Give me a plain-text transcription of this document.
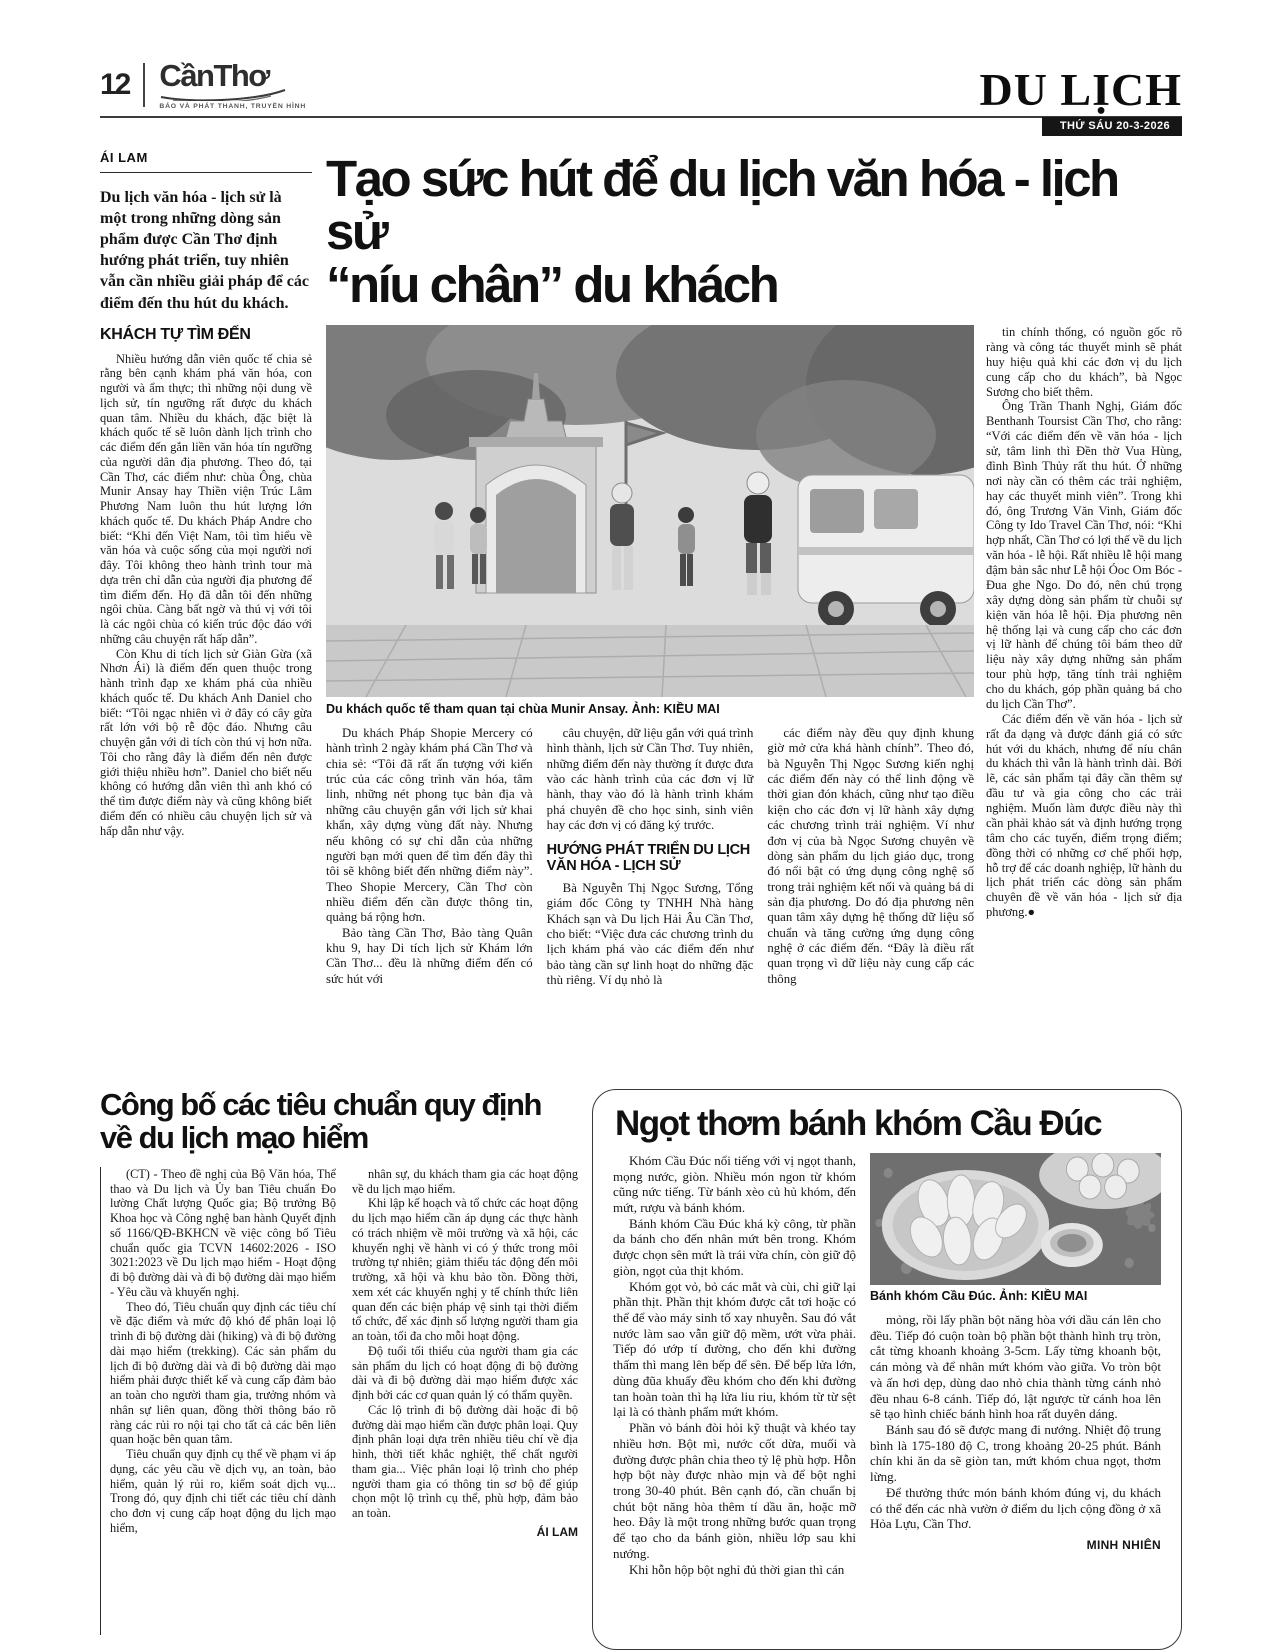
12 CầnThơ
BÁO VÀ PHÁT THANH, TRUYỀN HÌNH	DU LỊCH
THỨ SÁU 20-3-2026
ÁI LAM

Du lịch văn hóa - lịch sử là một trong những dòng sản phẩm được Cần Thơ định hướng phát triển, tuy nhiên vẫn cần nhiều giải pháp để các điểm đến thu hút du khách.

KHÁCH TỰ TÌM ĐẾN

Nhiều hướng dẫn viên quốc tế chia sẻ rằng bên cạnh khám phá văn hóa, con người và ẩm thực; thì những nội dung về lịch sử, tín ngưỡng rất được du khách quan tâm. Nhiều du khách, đặc biệt là khách quốc tế sẽ luôn dành lịch trình cho các điểm đến gắn liền văn hóa tín ngưỡng của người dân địa phương. Theo đó, tại Cần Thơ, các điểm như: chùa Ông, chùa Munir Ansay hay Thiền viện Trúc Lâm Phương Nam luôn thu hút lượng lớn khách quốc tế. Du khách Pháp Andre cho biết: “Khi đến Việt Nam, tôi tìm hiểu về văn hóa và cuộc sống của mọi người nơi đây. Tôi không theo hành trình tour mà dựa trên chỉ dẫn của người địa phương để tìm điểm đến. Họ đã dẫn tôi đến những ngôi chùa. Càng bất ngờ và thú vị với tôi là các ngôi chùa có kiến trúc độc đáo với những câu chuyện rất hấp dẫn”.

Còn Khu di tích lịch sử Giàn Gừa (xã Nhơn Ái) là điểm đến quen thuộc trong hành trình đạp xe khám phá của nhiều khách quốc tế. Du khách Anh Daniel cho biết: “Tôi ngạc nhiên vì ở đây có cây gừa rất lớn với bộ rễ độc đáo. Nhưng câu chuyện gắn với di tích còn thú vị hơn nữa. Tôi cho rằng đây là điểm đến nên được giới thiệu nhiều hơn”. Daniel cho biết nếu không có hướng dẫn viên thì anh khó có thể tìm được điểm này và cũng không biết điểm đến có nhiều câu chuyện lịch sử và hấp dẫn như vậy.

Tạo sức hút để du lịch văn hóa - lịch sử
“níu chân” du khách
Du khách quốc tế tham quan tại chùa Munir Ansay. Ảnh: KIỀU MAI

Du khách Pháp Shopie Mercery có hành trình 2 ngày khám phá Cần Thơ và chia sẻ: “Tôi đã rất ấn tượng với kiến trúc của các công trình văn hóa, tâm linh, những nét phong tục bản địa và những câu chuyện gắn với lịch sử khai khẩn, xây dựng vùng đất này. Nhưng nếu không có sự chỉ dẫn của những người bạn mới quen để tìm đến đây thì tôi sẽ không biết đến những điểm này”. Theo Shopie Mercery, Cần Thơ còn nhiều điểm đến cần được thông tin, quảng bá rộng hơn.

Bảo tàng Cần Thơ, Bảo tàng Quân khu 9, hay Di tích lịch sử Khám lớn Cần Thơ... đều là những điểm đến có sức hút với

câu chuyện, dữ liệu gắn với quá trình hình thành, lịch sử Cần Thơ. Tuy nhiên, những điểm đến này thường ít được đưa vào các hành trình của các đơn vị lữ hành, thay vào đó là hành trình khám phá chuyên đề cho học sinh, sinh viên hay các đơn vị có đăng ký trước.

HƯỚNG PHÁT TRIỂN DU LỊCH VĂN HÓA - LỊCH SỬ

Bà Nguyễn Thị Ngọc Sương, Tổng giám đốc Công ty TNHH Nhà hàng Khách sạn và Du lịch Hải Âu Cần Thơ, cho biết: “Việc đưa các chương trình du lịch khám phá vào các điểm đến như bảo tàng cần sự linh hoạt do những đặc thù riêng. Ví dụ nhỏ là

các điểm này đều quy định khung giờ mở cửa khá hành chính”. Theo đó, bà Nguyễn Thị Ngọc Sương kiến nghị các điểm đến này có thể linh động về thời gian đón khách, cũng như tạo điều kiện cho các đơn vị lữ hành xây dựng các chương trình trải nghiệm. Ví như đơn vị của bà Ngọc Sương chuyên về dòng sản phẩm du lịch giáo dục, trong đó nổi bật có ứng dụng công nghệ số trong trải nghiệm kết nối và quảng bá di sản địa phương. Do đó địa phương nên quan tâm xây dựng hệ thống dữ liệu số chuẩn và tăng cường ứng dụng công nghệ ở các điểm đến. “Đây là điều rất quan trọng vì dữ liệu này cung cấp các thông

tin chính thống, có nguồn gốc rõ ràng và công tác thuyết minh sẽ phát huy hiệu quả khi các đơn vị du lịch cung cấp cho du khách”, bà Ngọc Sương cho biết thêm.

Ông Trần Thanh Nghị, Giám đốc Benthanh Toursist Cần Thơ, cho rằng: “Với các điểm đến về văn hóa - lịch sử, tâm linh thì Đền thờ Vua Hùng, đình Bình Thủy rất thu hút. Ở những nơi này cần có thêm các trải nghiệm, hay các thuyết minh viên”. Trong khi đó, ông Trương Văn Vinh, Giám đốc Công ty Ido Travel Cần Thơ, nói: “Khi hợp nhất, Cần Thơ có lợi thế về du lịch văn hóa - lễ hội. Rất nhiều lễ hội mang đậm bản sắc như Lễ hội Óoc Om Bóc - Đua ghe Ngo. Do đó, nên chú trọng xây dựng dòng sản phẩm từ chuỗi sự kiện văn hóa lễ hội. Địa phương nên hệ thống lại và cung cấp cho các đơn vị lữ hành để chúng tôi bám theo dữ liệu này xây dựng những sản phẩm tour phù hợp, tăng tính trải nghiệm cho du khách, góp phần quảng bá cho du lịch Cần Thơ”.

Các điểm đến về văn hóa - lịch sử rất đa dạng và được đánh giá có sức hút với du khách, nhưng để níu chân du khách thì vẫn là hành trình dài. Bởi lẽ, các sản phẩm tại đây cần thêm sự đầu tư và gia công cho các trải nghiệm. Muốn làm được điều này thì cần phải khảo sát và định hướng trọng tâm cho các tuyến, điểm trọng điểm; đồng thời có những cơ chế phối hợp, hỗ trợ để các doanh nghiệp, lữ hành du lịch phát triển các dòng sản phẩm chuyên đề về văn hóa - lịch sử địa phương.●

Công bố các tiêu chuẩn quy định
về du lịch mạo hiểm

(CT) - Theo đề nghị của Bộ Văn hóa, Thể thao và Du lịch và Ủy ban Tiêu chuẩn Đo lường Chất lượng Quốc gia; Bộ trưởng Bộ Khoa học và Công nghệ ban hành Quyết định số 1166/QĐ-BKHCN về việc công bố Tiêu chuẩn quốc gia TCVN 14602:2026 - ISO 3021:2023 về Du lịch mạo hiểm - Hoạt động đi bộ đường dài và đi bộ đường dài mạo hiểm - Yêu cầu và khuyến nghị.

Theo đó, Tiêu chuẩn quy định các tiêu chí về đặc điểm và mức độ khó để phân loại lộ trình đi bộ đường dài (hiking) và đi bộ đường dài mạo hiểm (trekking). Các sản phẩm du lịch đi bộ đường dài và đi bộ đường dài mạo hiểm phải được thiết kế và cung cấp đảm bảo an toàn cho người tham gia, trưởng nhóm và nhân sự liên quan, đồng thời thông báo rõ ràng các rủi ro nội tại cho tất cả các bên liên quan hoặc bên quan tâm.

Tiêu chuẩn quy định cụ thể về phạm vi áp dụng, các yêu cầu về dịch vụ, an toàn, bảo hiểm, quản lý rủi ro, kiểm soát dịch vụ... Trong đó, quy định chi tiết các tiêu chí dành cho đơn vị cung cấp hoạt động du lịch mạo hiểm,

nhân sự, du khách tham gia các hoạt động về du lịch mạo hiểm.

Khi lập kế hoạch và tổ chức các hoạt động du lịch mạo hiểm cần áp dụng các thực hành có trách nhiệm về môi trường và xã hội, các khuyến nghị về hành vi có ý thức trong môi trường tự nhiên; giảm thiểu tác động đến môi trường, xã hội và khu bảo tồn. Đồng thời, xem xét các khuyến nghị y tế chính thức liên quan đến các biện pháp vệ sinh tại thời điểm tổ chức, để xác định số lượng người tham gia an toàn, tối đa cho mỗi hoạt động.

Độ tuổi tối thiểu của người tham gia các sản phẩm du lịch có hoạt động đi bộ đường dài và đi bộ đường dài mạo hiểm được xác định bởi các cơ quan quản lý có thẩm quyền.

Các lộ trình đi bộ đường dài hoặc đi bộ đường dài mạo hiểm cần được phân loại. Quy định phân loại dựa trên nhiều tiêu chí về địa hình, thời tiết khắc nghiệt, thể chất người tham gia... Việc phân loại lộ trình cho phép người tham gia có thông tin sơ bộ để giúp chọn một lộ trình cụ thể, phù hợp, đảm bảo an toàn.

ÁI LAM
Ngọt thơm bánh khóm Cầu Đúc

Khóm Cầu Đúc nổi tiếng với vị ngọt thanh, mọng nước, giòn. Nhiều món ngon từ khóm cũng nức tiếng. Từ bánh xèo củ hủ khóm, đến mứt, rượu và bánh khóm.

Bánh khóm Cầu Đúc khá kỳ công, từ phần da bánh cho đến nhân mứt bên trong. Khóm được chọn sên mứt là trái vừa chín, còn giữ độ giòn, ngọt của thịt khóm.

Khóm gọt vỏ, bỏ các mắt và cùi, chỉ giữ lại phần thịt. Phần thịt khóm được cắt tơi hoặc có thể để vào máy sinh tố xay nhuyễn. Sau đó vắt nước làm sao vẫn giữ độ mềm, ướt vừa phải. Tiếp đó ướp tí đường, cho đến khi đường thấm thì mang lên bếp để sên. Để bếp lửa lớn, dùng đũa khuấy đều khóm cho đến khi đường tan hoàn toàn thì hạ lửa liu riu, khóm từ từ sệt lại là có thành phẩm mứt khóm.

Phần vỏ bánh đòi hỏi kỹ thuật và khéo tay nhiều hơn. Bột mì, nước cốt dừa, muối và đường được phân chia theo tỷ lệ phù hợp. Hỗn hợp bột này được nhào mịn và để bột nghỉ trong 30-40 phút. Bên cạnh đó, cần chuẩn bị chút bột năng hòa thêm tí dầu ăn, hoặc mỡ heo. Đây là một trong những bước quan trọng để tạo cho da bánh giòn, nhiều lớp sau khi nướng.

Khi hỗn hộp bột nghỉ đủ thời gian thì cán

Bánh khóm Cầu Đúc. Ảnh: KIỀU MAI

mỏng, rồi lấy phần bột năng hòa với dầu cán lên cho đều. Tiếp đó cuộn toàn bộ phần bột thành hình trụ tròn, cắt từng khoanh khoảng 3-5cm. Lấy từng khoanh bột, cán mỏng và để nhân mứt khóm vào giữa. Vo tròn bột và ấn hơi dẹp, dùng dao nhỏ chia thành từng cánh nhỏ đều nhau 6-8 cánh. Tiếp đó, lật ngược từ cánh hoa lên sẽ tạo hình chiếc bánh hình hoa rất duyên dáng.

Bánh sau đó sẽ được mang đi nướng. Nhiệt độ trung bình là 175-180 độ C, trong khoảng 20-25 phút. Bánh chín khi ăn da sẽ giòn tan, mứt khóm chua ngọt, thơm lừng.

Để thưởng thức món bánh khóm đúng vị, du khách có thể đến các nhà vườn ở điểm du lịch cộng đồng ở xã Hỏa Lựu, Cần Thơ.

MINH NHIÊN
